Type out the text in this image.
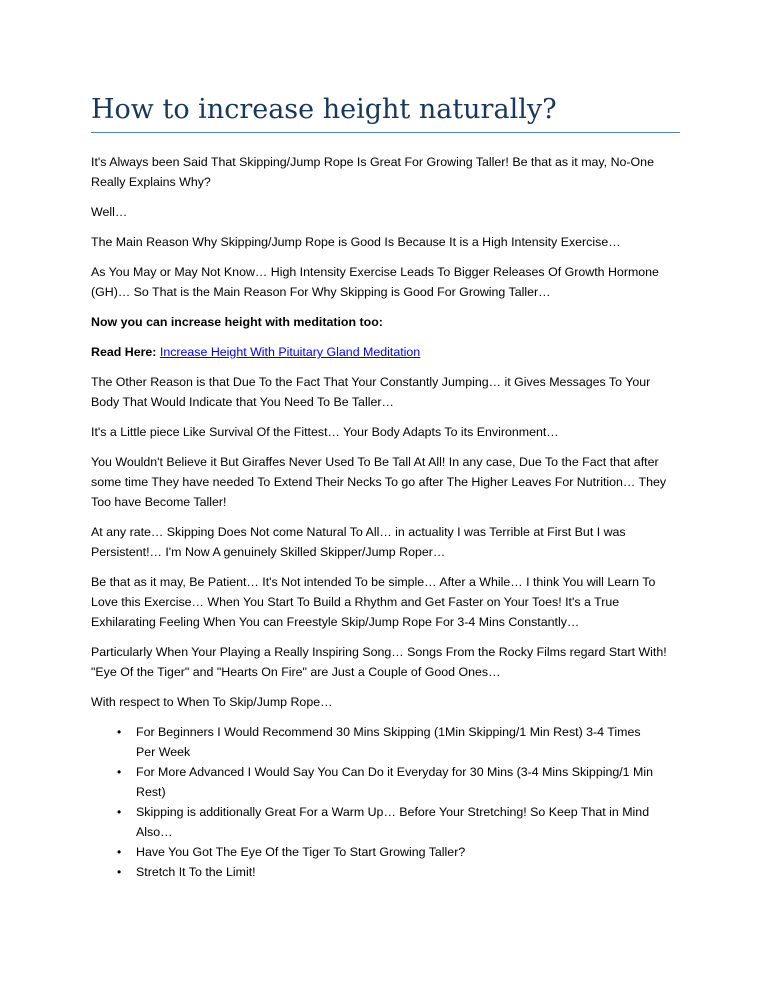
How to increase height naturally?

It's Always been Said That Skipping/Jump Rope Is Great For Growing Taller! Be that as it may, No-One Really Explains Why?

Well…

The Main Reason Why Skipping/Jump Rope is Good Is Because It is a High Intensity Exercise…

As You May or May Not Know… High Intensity Exercise Leads To Bigger Releases Of Growth Hormone (GH)… So That is the Main Reason For Why Skipping is Good For Growing Taller…

Now you can increase height with meditation too:

Read Here: Increase Height With Pituitary Gland Meditation

The Other Reason is that Due To the Fact That Your Constantly Jumping… it Gives Messages To Your Body That Would Indicate that You Need To Be Taller…

It's a Little piece Like Survival Of the Fittest… Your Body Adapts To its Environment…

You Wouldn't Believe it But Giraffes Never Used To Be Tall At All! In any case, Due To the Fact that after some time They have needed To Extend Their Necks To go after The Higher Leaves For Nutrition… They Too have Become Taller!

At any rate… Skipping Does Not come Natural To All… in actuality I was Terrible at First But I was Persistent!… I'm Now A genuinely Skilled Skipper/Jump Roper…

Be that as it may, Be Patient… It's Not intended To be simple… After a While… I think You will Learn To Love this Exercise… When You Start To Build a Rhythm and Get Faster on Your Toes! It's a True Exhilarating Feeling When You can Freestyle Skip/Jump Rope For 3-4 Mins Constantly…

Particularly When Your Playing a Really Inspiring Song… Songs From the Rocky Films regard Start With! "Eye Of the Tiger" and "Hearts On Fire" are Just a Couple of Good Ones…

With respect to When To Skip/Jump Rope…

• For Beginners I Would Recommend 30 Mins Skipping (1Min Skipping/1 Min Rest) 3-4 Times Per Week
• For More Advanced I Would Say You Can Do it Everyday for 30 Mins (3-4 Mins Skipping/1 Min Rest)
• Skipping is additionally Great For a Warm Up… Before Your Stretching! So Keep That in Mind Also…
• Have You Got The Eye Of the Tiger To Start Growing Taller?
• Stretch It To the Limit!
